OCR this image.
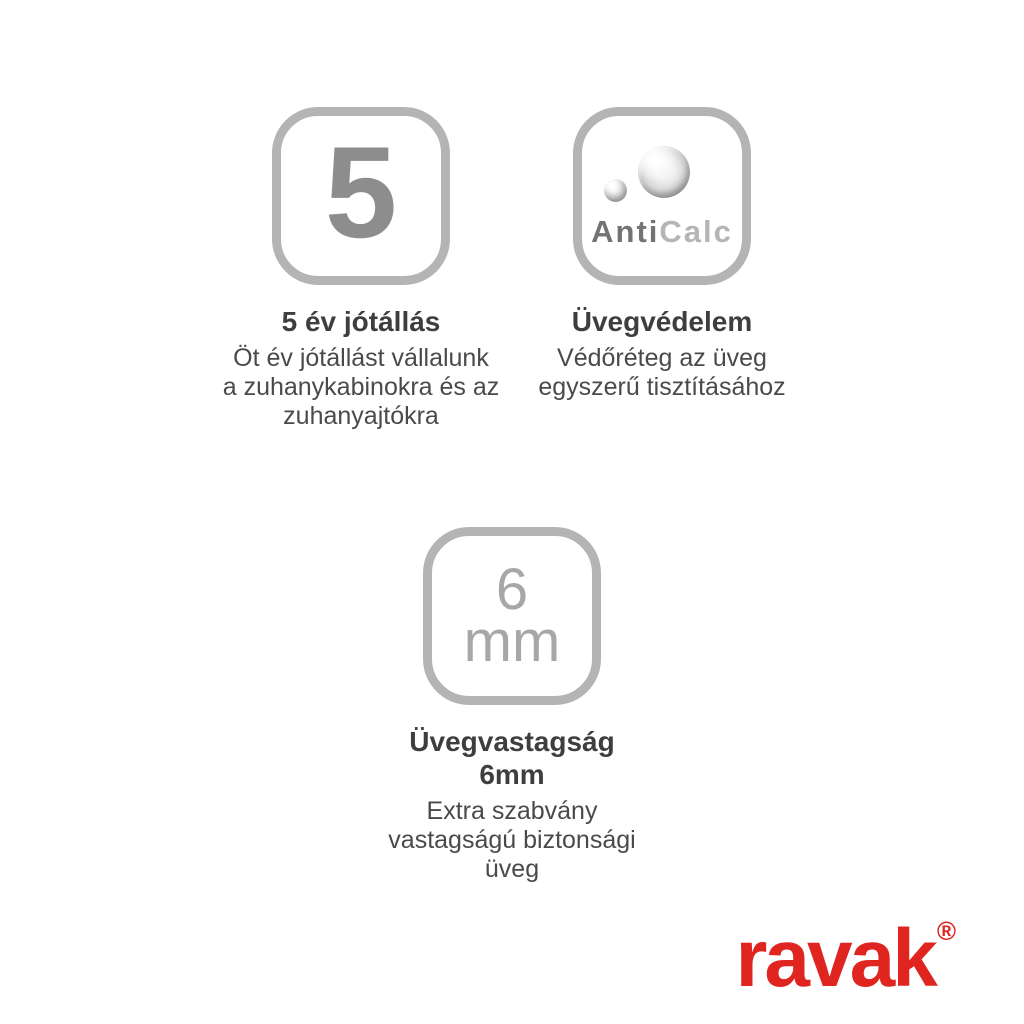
5
5 év jótállás
Öt év jótállást vállalunk
a zuhanykabinokra és az
zuhanyajtókra
AntiCalc
Üvegvédelem
Védőréteg az üveg
egyszerű tisztításához
6
mm
Üvegvastagság
6mm
Extra szabvány
vastagságú biztonsági
üveg
ravak®
